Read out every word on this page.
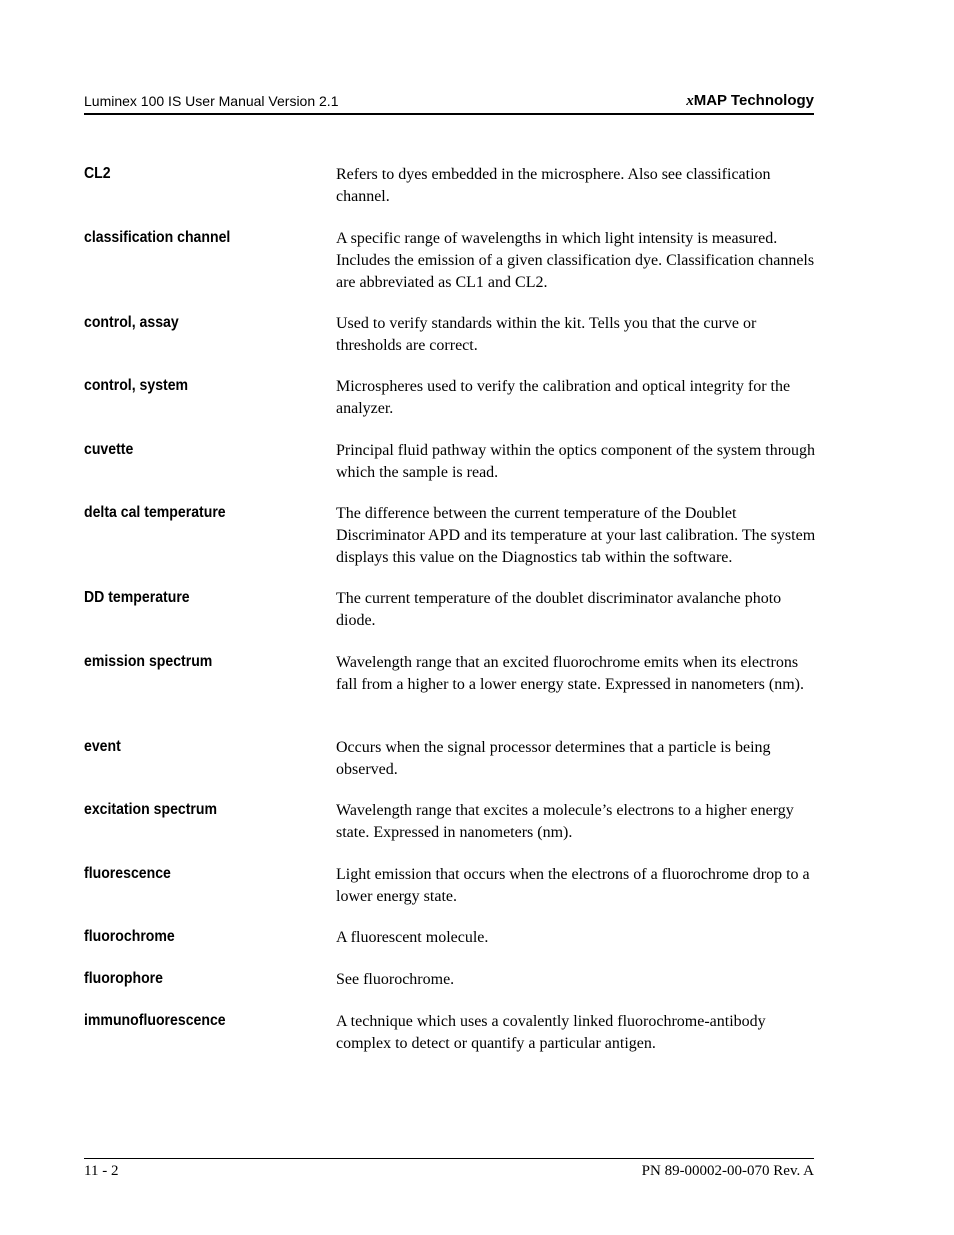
Luminex 100 IS User Manual Version 2.1	xMAP Technology
CL2	Refers to dyes embedded in the microsphere. Also see classification channel.
classification channel	A specific range of wavelengths in which light intensity is measured. Includes the emission of a given classification dye. Classification channels are abbreviated as CL1 and CL2.
control, assay	Used to verify standards within the kit. Tells you that the curve or thresholds are correct.
control, system	Microspheres used to verify the calibration and optical integrity for the analyzer.
cuvette	Principal fluid pathway within the optics component of the system through which the sample is read.
delta cal temperature	The difference between the current temperature of the Doublet Discriminator APD and its temperature at your last calibration. The system displays this value on the Diagnostics tab within the software.
DD temperature	The current temperature of the doublet discriminator avalanche photo diode.
emission spectrum	Wavelength range that an excited fluorochrome emits when its electrons fall from a higher to a lower energy state. Expressed in nanometers (nm).
event	Occurs when the signal processor determines that a particle is being observed.
excitation spectrum	Wavelength range that excites a molecule’s electrons to a higher energy state. Expressed in nanometers (nm).
fluorescence	Light emission that occurs when the electrons of a fluorochrome drop to a lower energy state.
fluorochrome	A fluorescent molecule.
fluorophore	See fluorochrome.
immunofluorescence	A technique which uses a covalently linked fluorochrome-antibody complex to detect or quantify a particular antigen.
11 - 2	PN 89-00002-00-070 Rev. A
